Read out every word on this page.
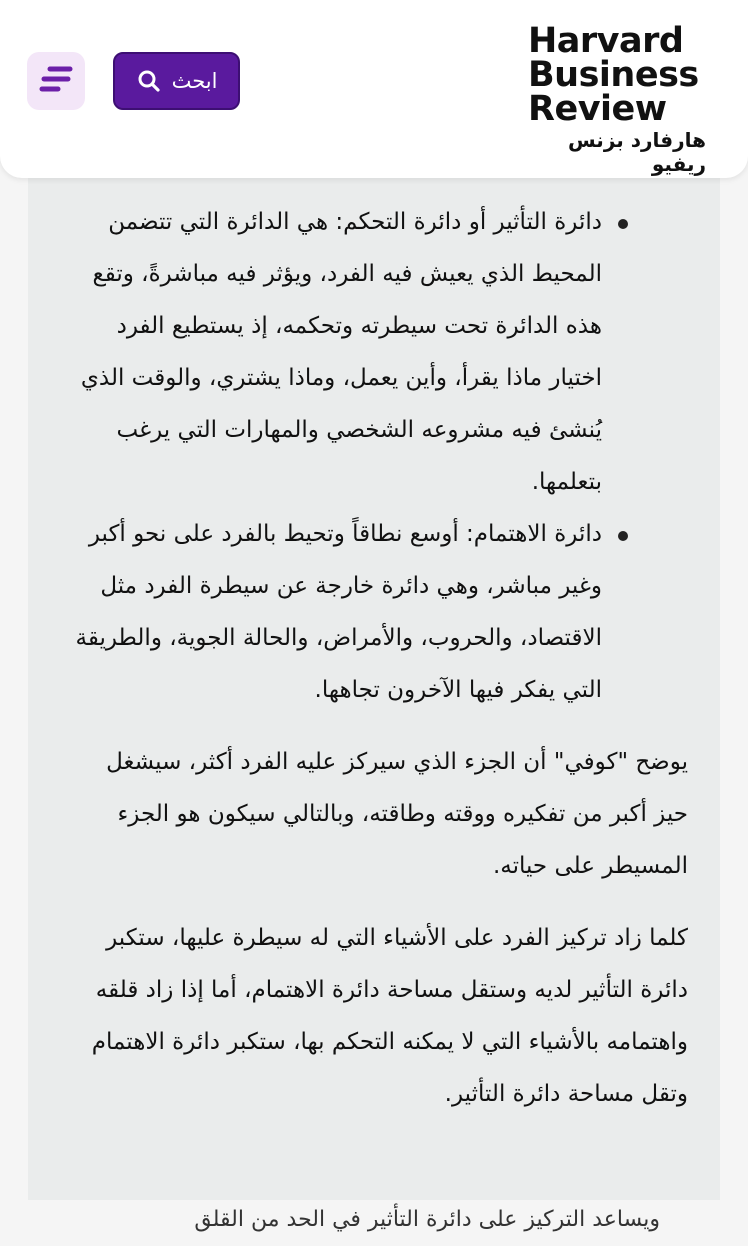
Harvard
Business
Review
هارفارد بزنس ريفيو
ابحث
دائرة التأثير أو دائرة التحكم: هي الدائرة التي تتضمن المحيط الذي يعيش فيه الفرد، ويؤثر فيه مباشرةً، وتقع هذه الدائرة تحت سيطرته وتحكمه، إذ يستطيع الفرد اختيار ماذا يقرأ، وأين يعمل، وماذا يشتري، والوقت الذي يُنشئ فيه مشروعه الشخصي والمهارات التي يرغب بتعلمها.
دائرة الاهتمام: أوسع نطاقاً وتحيط بالفرد على نحو أكبر وغير مباشر، وهي دائرة خارجة عن سيطرة الفرد مثل الاقتصاد، والحروب، والأمراض، والحالة الجوية، والطريقة التي يفكر فيها الآخرون تجاهها.

يوضح "كوفي" أن الجزء الذي سيركز عليه الفرد أكثر، سيشغل حيز أكبر من تفكيره ووقته وطاقته، وبالتالي سيكون هو الجزء المسيطر على حياته.

كلما زاد تركيز الفرد على الأشياء التي له سيطرة عليها، ستكبر دائرة التأثير لديه وستقل مساحة دائرة الاهتمام، أما إذا زاد قلقه واهتمامه بالأشياء التي لا يمكنه التحكم بها، ستكبر دائرة الاهتمام وتقل مساحة دائرة التأثير.

ويساعد التركيز على دائرة التأثير في الحد من القلق
